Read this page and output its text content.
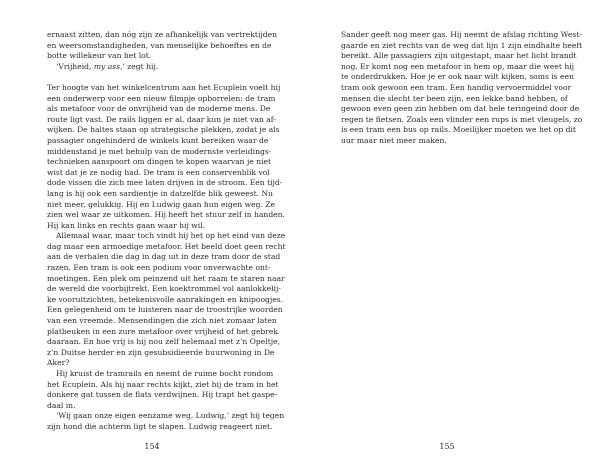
ernaast zitten, dan nóg zijn ze afhankelijk van vertrektijden
en weersomstandigheden, van menselijke behoeftes en de
botte willekeur van het lot.
‘Vrijheid, my ass,’ zegt hij.
Ter hoogte van het winkelcentrum aan het Ecuplein voelt hij
een onderwerp voor een nieuw filmpje opborrelen: de tram
als metafoor voor de onvrijheid van de moderne mens. De
route ligt vast. De rails liggen er al, daar kun je niet van af-
wijken. De haltes staan op strategische plekken, zodat je als
passagier ongehinderd de winkels kunt bereiken waar de
middenstand je met behulp van de modernste verleidings-
technieken aanspoort om dingen te kopen waarvan je niet
wist dat je ze nodig had. De tram is een conservenblik vol
dode vissen die zich mee laten drijven in de stroom. Een tijd-
lang is hij ook een sardientje in datzelfde blik geweest. Nu
niet meer, gelukkig. Hij en Ludwig gaan hun eigen weg. Ze
zien wel waar ze uitkomen. Hij heeft het stuur zelf in handen.
Hij kan links en rechts gaan waar hij wil.
Allemaal waar, maar toch vindt hij het op het eind van deze
dag maar een armoedige metafoor. Het beeld doet geen recht
aan de verhalen die dag in dag uit in deze tram door de stad
razen. Een tram is ook een podium voor onverwachte ont-
moetingen. Een plek om peinzend uit het raam te staren naar
de wereld die voorbijtrekt. Een koektrommel vol aanlokkelij-
ke vooruitzichten, betekenisvolle aanrakingen en knipoogjes.
Een gelegenheid om te luisteren naar de troostrijke woorden
van een vreemde. Mensendingen die zich niet zomaar laten
platbeuken in een zure metafoor over vrijheid of het gebrek
daaraan. En hoe vrij is hij nou zelf helemaal met z’n Opeltje,
z’n Duitse herder en zijn gesubsidieerde huurwoning in De
Aker?
Hij kruist de tramrails en neemt de ruime bocht rondom
het Ecuplein. Als hij naar rechts kijkt, ziet hij de tram in het
donkere gat tussen de flats verdwijnen. Hij trapt het gaspe-
daal in.
‘Wij gaan onze eigen eenzame weg, Ludwig,’ zegt hij tegen
zijn hond die achterin ligt te slapen. Ludwig reageert niet.
Sander geeft nog meer gas. Hij neemt de afslag richting West-
gaarde en ziet rechts van de weg dat lijn 1 zijn eindhalte heeft
bereikt. Alle passagiers zijn uitgestapt, maar het licht brandt
nog. Er komt nog een metafoor in hem op, maar die weet hij
te onderdrukken. Hoe je er ook naar wilt kijken, soms is een
tram ook gewoon een tram. Een handig vervoermiddel voor
mensen die slecht ter been zijn, een lekke band hebben, of
gewoon even geen zin hebben om dat hele teringeind door de
regen te fietsen. Zoals een vlinder een rups is met vleugels, zo
is een tram een bus op rails. Moeilijker moeten we het op dit
uur maar niet meer maken.
154	155
